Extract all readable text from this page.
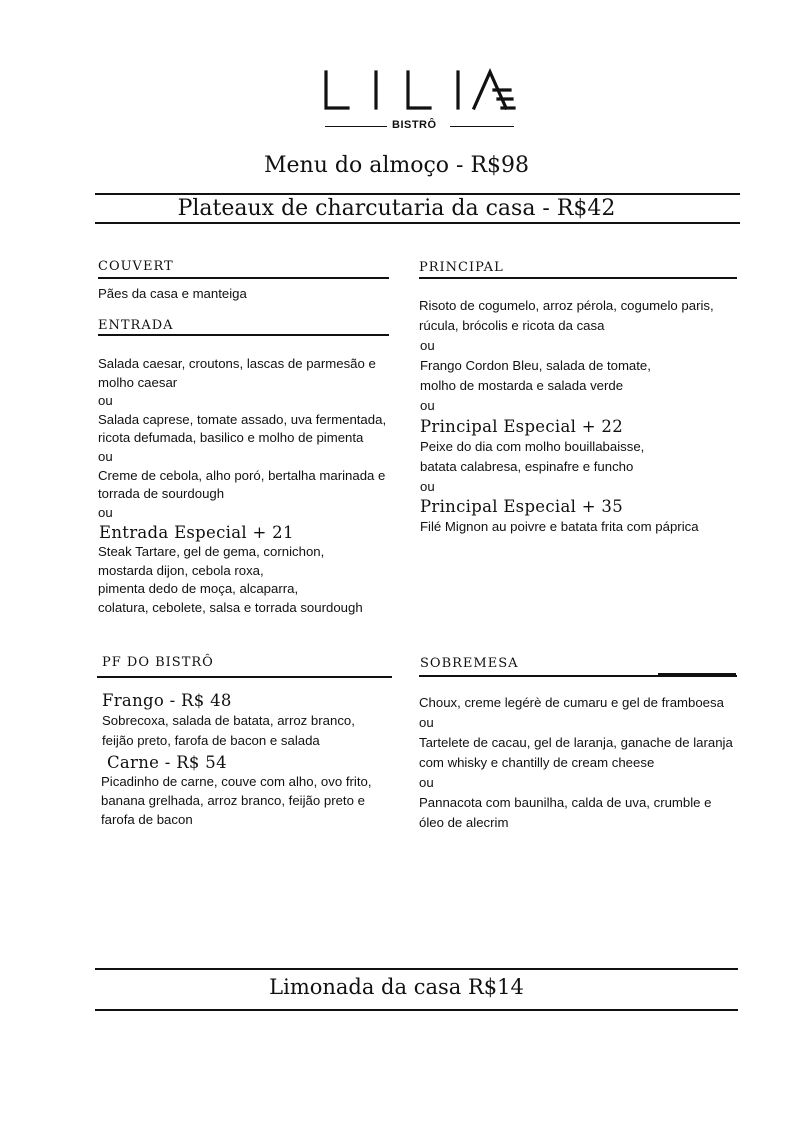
BISTRÔ
Menu do almoço - R$98
Plateaux de charcutaria da casa - R$42
COUVERT
Pães da casa e manteiga
ENTRADA
Salada caesar, croutons, lascas de parmesão e
molho caesar
ou
Salada caprese, tomate assado, uva fermentada,
ricota defumada, basilico e molho de pimenta
ou
Creme de cebola, alho poró, bertalha marinada e
torrada de sourdough
ou
Entrada Especial + 21
Steak Tartare, gel de gema, cornichon,
mostarda dijon, cebola roxa,
pimenta dedo de moça, alcaparra,
colatura, cebolete, salsa e torrada sourdough
PRINCIPAL
Risoto de cogumelo, arroz pérola, cogumelo paris,
rúcula, brócolis e ricota da casa
ou
Frango Cordon Bleu, salada de tomate,
molho de mostarda e salada verde
ou
Principal Especial + 22
Peixe do dia com molho bouillabaisse,
batata calabresa, espinafre e funcho
ou
Principal Especial + 35
Filé Mignon au poivre e batata frita com páprica
PF DO BISTRÔ
Frango - R$ 48
Sobrecoxa, salada de batata, arroz branco,
feijão preto, farofa de bacon e salada
Carne - R$ 54
Picadinho de carne, couve com alho, ovo frito,
banana grelhada, arroz branco, feijão preto e
farofa de bacon
SOBREMESA
Choux, creme legérè de cumaru e gel de framboesa
ou
Tartelete de cacau, gel de laranja, ganache de laranja
com whisky e chantilly de cream cheese
ou
Pannacota com baunilha, calda de uva, crumble e
óleo de alecrim
Limonada da casa R$14
